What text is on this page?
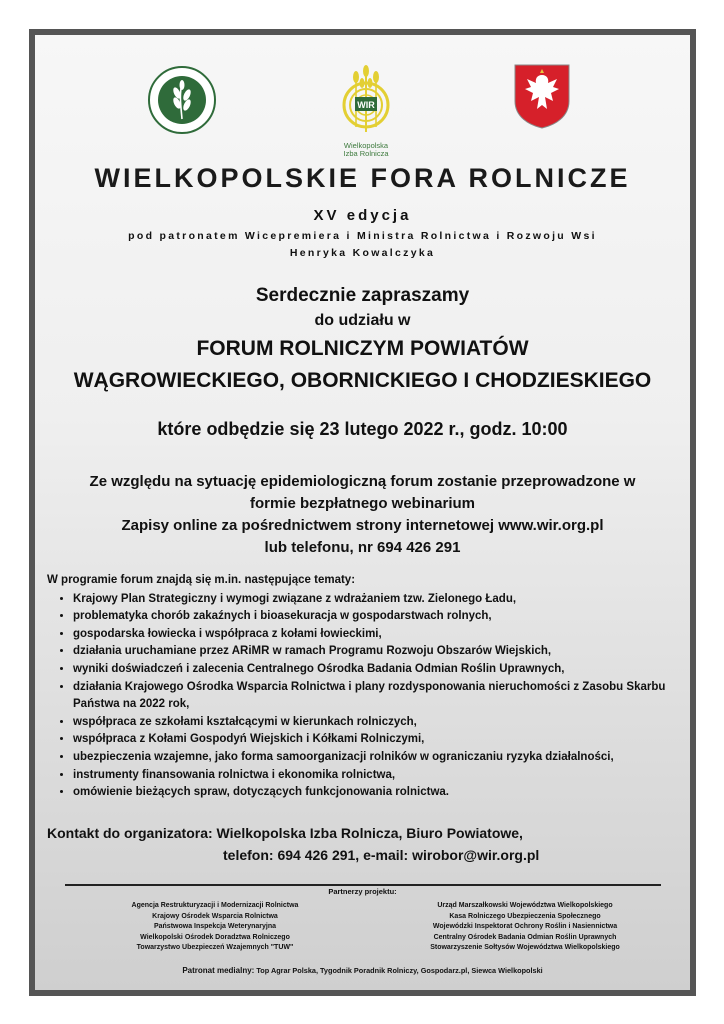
WIR
Wielkopolska
Izba Rolnicza
WIELKOPOLSKIE FORA ROLNICZE
XV edycja
pod patronatem Wicepremiera i Ministra Rolnictwa i Rozwoju Wsi
Henryka Kowalczyka
Serdecznie zapraszamy
do udziału w
FORUM ROLNICZYM POWIATÓW
WĄGROWIECKIEGO, OBORNICKIEGO I CHODZIESKIEGO
które odbędzie się 23 lutego 2022 r., godz. 10:00
Ze względu na sytuację epidemiologiczną forum zostanie przeprowadzone w
formie bezpłatnego webinarium
Zapisy online za pośrednictwem strony internetowej www.wir.org.pl
lub telefonu, nr 694 426 291
W programie forum znajdą się m.in. następujące tematy:
• Krajowy Plan Strategiczny i wymogi związane z wdrażaniem tzw. Zielonego Ładu,
• problematyka chorób zakaźnych i bioasekuracja w gospodarstwach rolnych,
• gospodarska łowiecka i współpraca z kołami łowieckimi,
• działania uruchamiane przez ARiMR w ramach Programu Rozwoju Obszarów Wiejskich,
• wyniki doświadczeń i zalecenia Centralnego Ośrodka Badania Odmian Roślin Uprawnych,
• działania Krajowego Ośrodka Wsparcia Rolnictwa i plany rozdysponowania nieruchomości z Zasobu Skarbu Państwa na 2022 rok,
• współpraca ze szkołami kształcącymi w kierunkach rolniczych,
• współpraca z Kołami Gospodyń Wiejskich i Kółkami Rolniczymi,
• ubezpieczenia wzajemne, jako forma samoorganizacji rolników w ograniczaniu ryzyka działalności,
• instrumenty finansowania rolnictwa i ekonomika rolnictwa,
• omówienie bieżących spraw, dotyczących funkcjonowania rolnictwa.
Kontakt do organizatora: Wielkopolska Izba Rolnicza, Biuro Powiatowe,
telefon: 694 426 291, e-mail: wirobor@wir.org.pl
Partnerzy projektu:
Agencja Restrukturyzacji i Modernizacji Rolnictwa
Krajowy Ośrodek Wsparcia Rolnictwa
Państwowa Inspekcja Weterynaryjna
Wielkopolski Ośrodek Doradztwa Rolniczego
Towarzystwo Ubezpieczeń Wzajemnych "TUW"
Urząd Marszałkowski Województwa Wielkopolskiego
Kasa Rolniczego Ubezpieczenia Społecznego
Wojewódzki Inspektorat Ochrony Roślin i Nasiennictwa
Centralny Ośrodek Badania Odmian Roślin Uprawnych
Stowarzyszenie Sołtysów Województwa Wielkopolskiego
Patronat medialny: Top Agrar Polska, Tygodnik Poradnik Rolniczy, Gospodarz.pl, Siewca Wielkopolski
